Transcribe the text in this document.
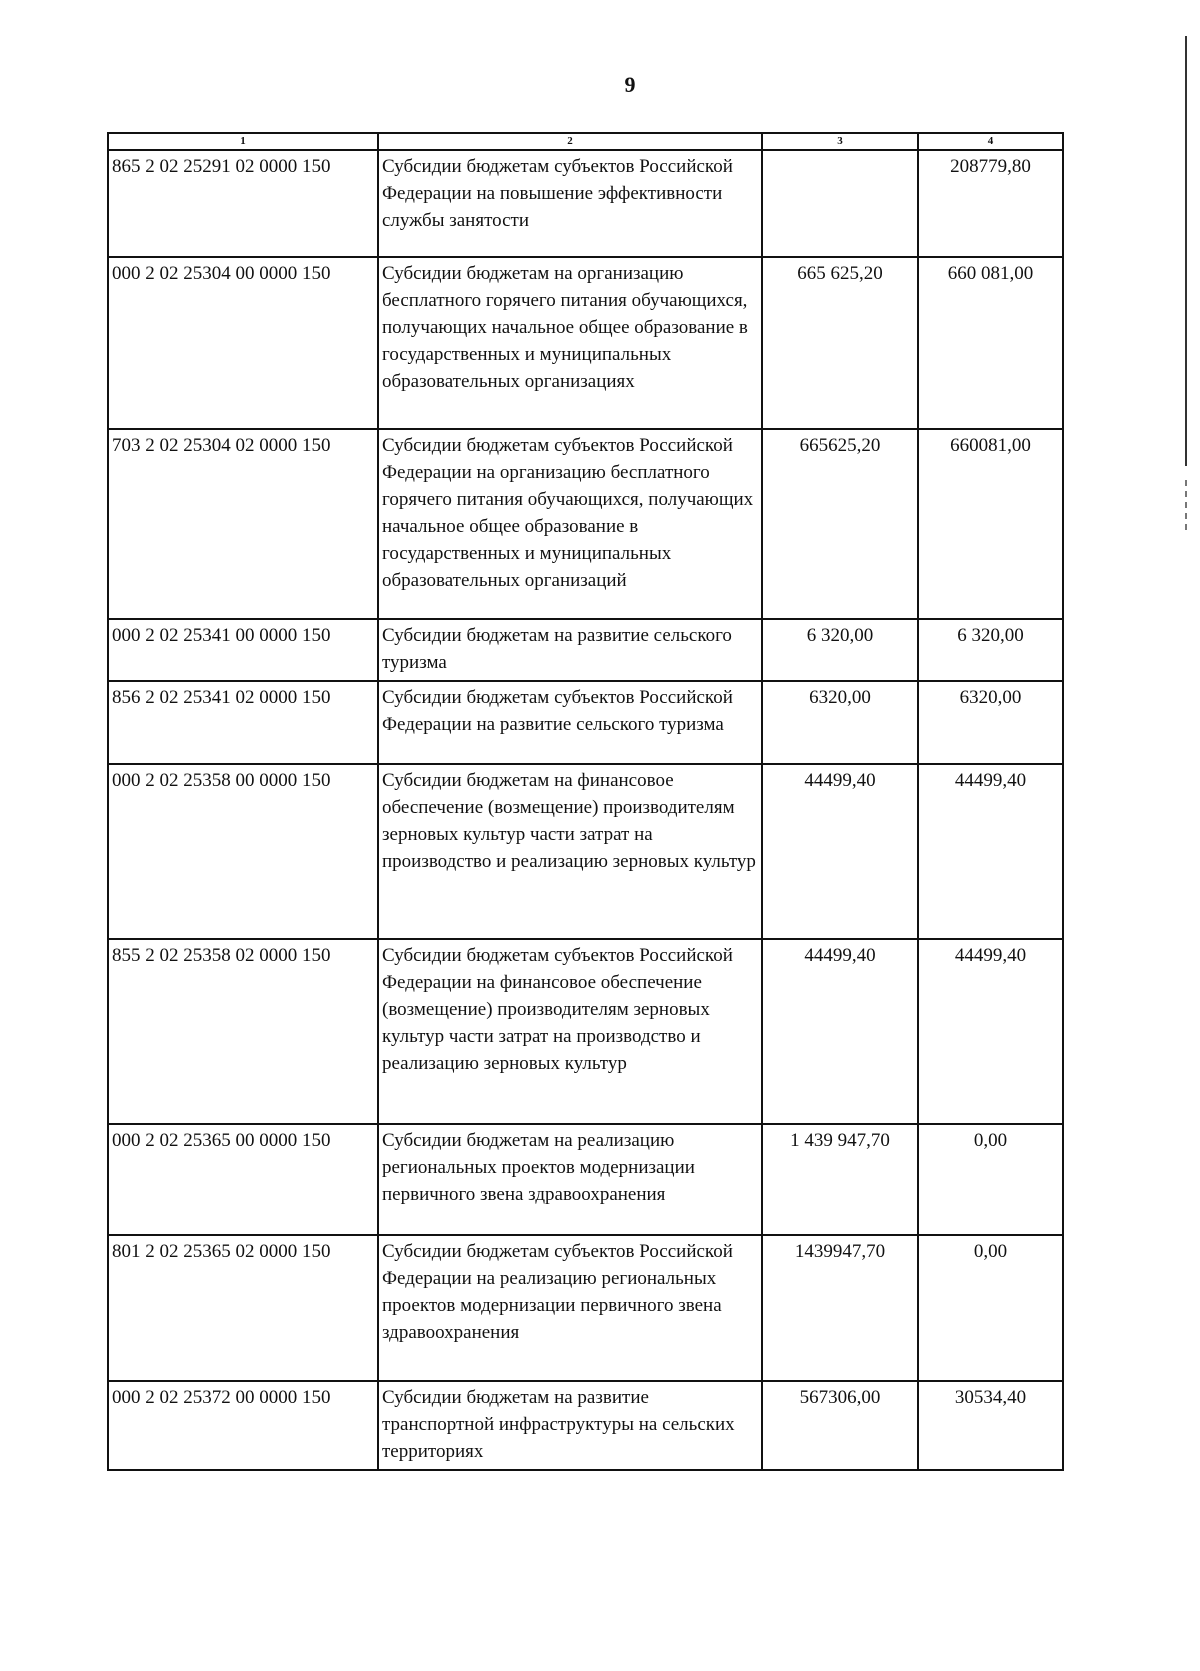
9
1	2	3	4
865 2 02 25291 02 0000 150	Субсидии бюджетам субъектов Российской Федерации на повышение эффективности службы занятости		208779,80
000 2 02 25304 00 0000 150	Субсидии бюджетам на организацию бесплатного горячего питания обучающихся, получающих начальное общее образование в государственных и муниципальных образовательных организациях	665 625,20	660 081,00
703 2 02 25304 02 0000 150	Субсидии бюджетам субъектов Российской Федерации на организацию бесплатного горячего питания обучающихся, получающих начальное общее образование в государственных и муниципальных образовательных организаций	665625,20	660081,00
000 2 02 25341 00 0000 150	Субсидии бюджетам на развитие сельского туризма	6 320,00	6 320,00
856 2 02 25341 02 0000 150	Субсидии бюджетам субъектов Российской Федерации на развитие сельского туризма	6320,00	6320,00
000 2 02 25358 00 0000 150	Субсидии бюджетам на финансовое обеспечение (возмещение) производителям зерновых культур части затрат на производство и реализацию зерновых культур	44499,40	44499,40
855 2 02 25358 02 0000 150	Субсидии бюджетам субъектов Российской Федерации на финансовое обеспечение (возмещение) производителям зерновых культур части затрат на производство и реализацию зерновых культур	44499,40	44499,40
000 2 02 25365 00 0000 150	Субсидии бюджетам на реализацию региональных проектов модернизации первичного звена здравоохранения	1 439 947,70	0,00
801 2 02 25365 02 0000 150	Субсидии бюджетам субъектов Российской Федерации на реализацию региональных проектов модернизации первичного звена здравоохранения	1439947,70	0,00
000 2 02 25372 00 0000 150	Субсидии бюджетам на развитие транспортной инфраструктуры на сельских территориях	567306,00	30534,40
